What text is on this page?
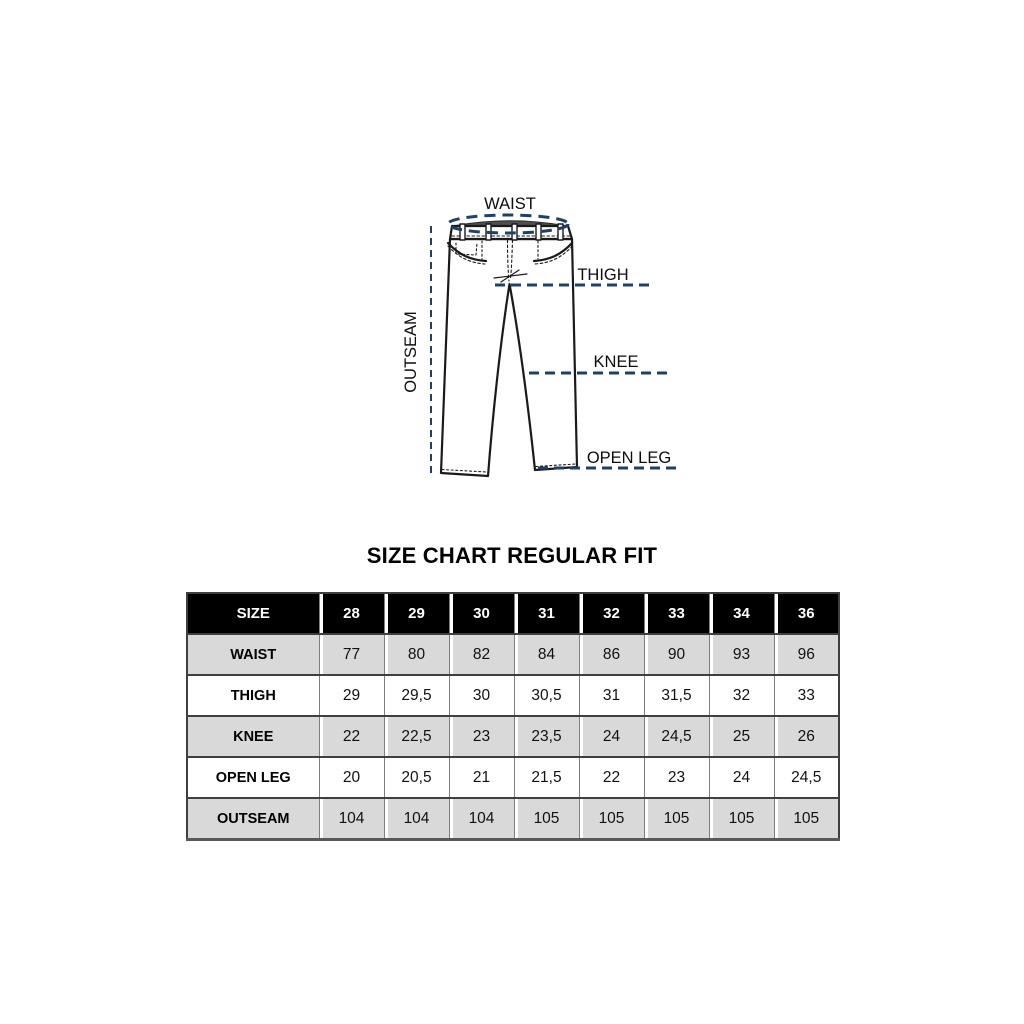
WAIST
THIGH
KNEE
OPEN LEG
OUTSEAM
SIZE CHART REGULAR FIT
SIZE	28	29	30	31	32	33	34	36
WAIST	77	80	82	84	86	90	93	96
THIGH	29	29,5	30	30,5	31	31,5	32	33
KNEE	22	22,5	23	23,5	24	24,5	25	26
OPEN LEG	20	20,5	21	21,5	22	23	24	24,5
OUTSEAM	104	104	104	105	105	105	105	105
